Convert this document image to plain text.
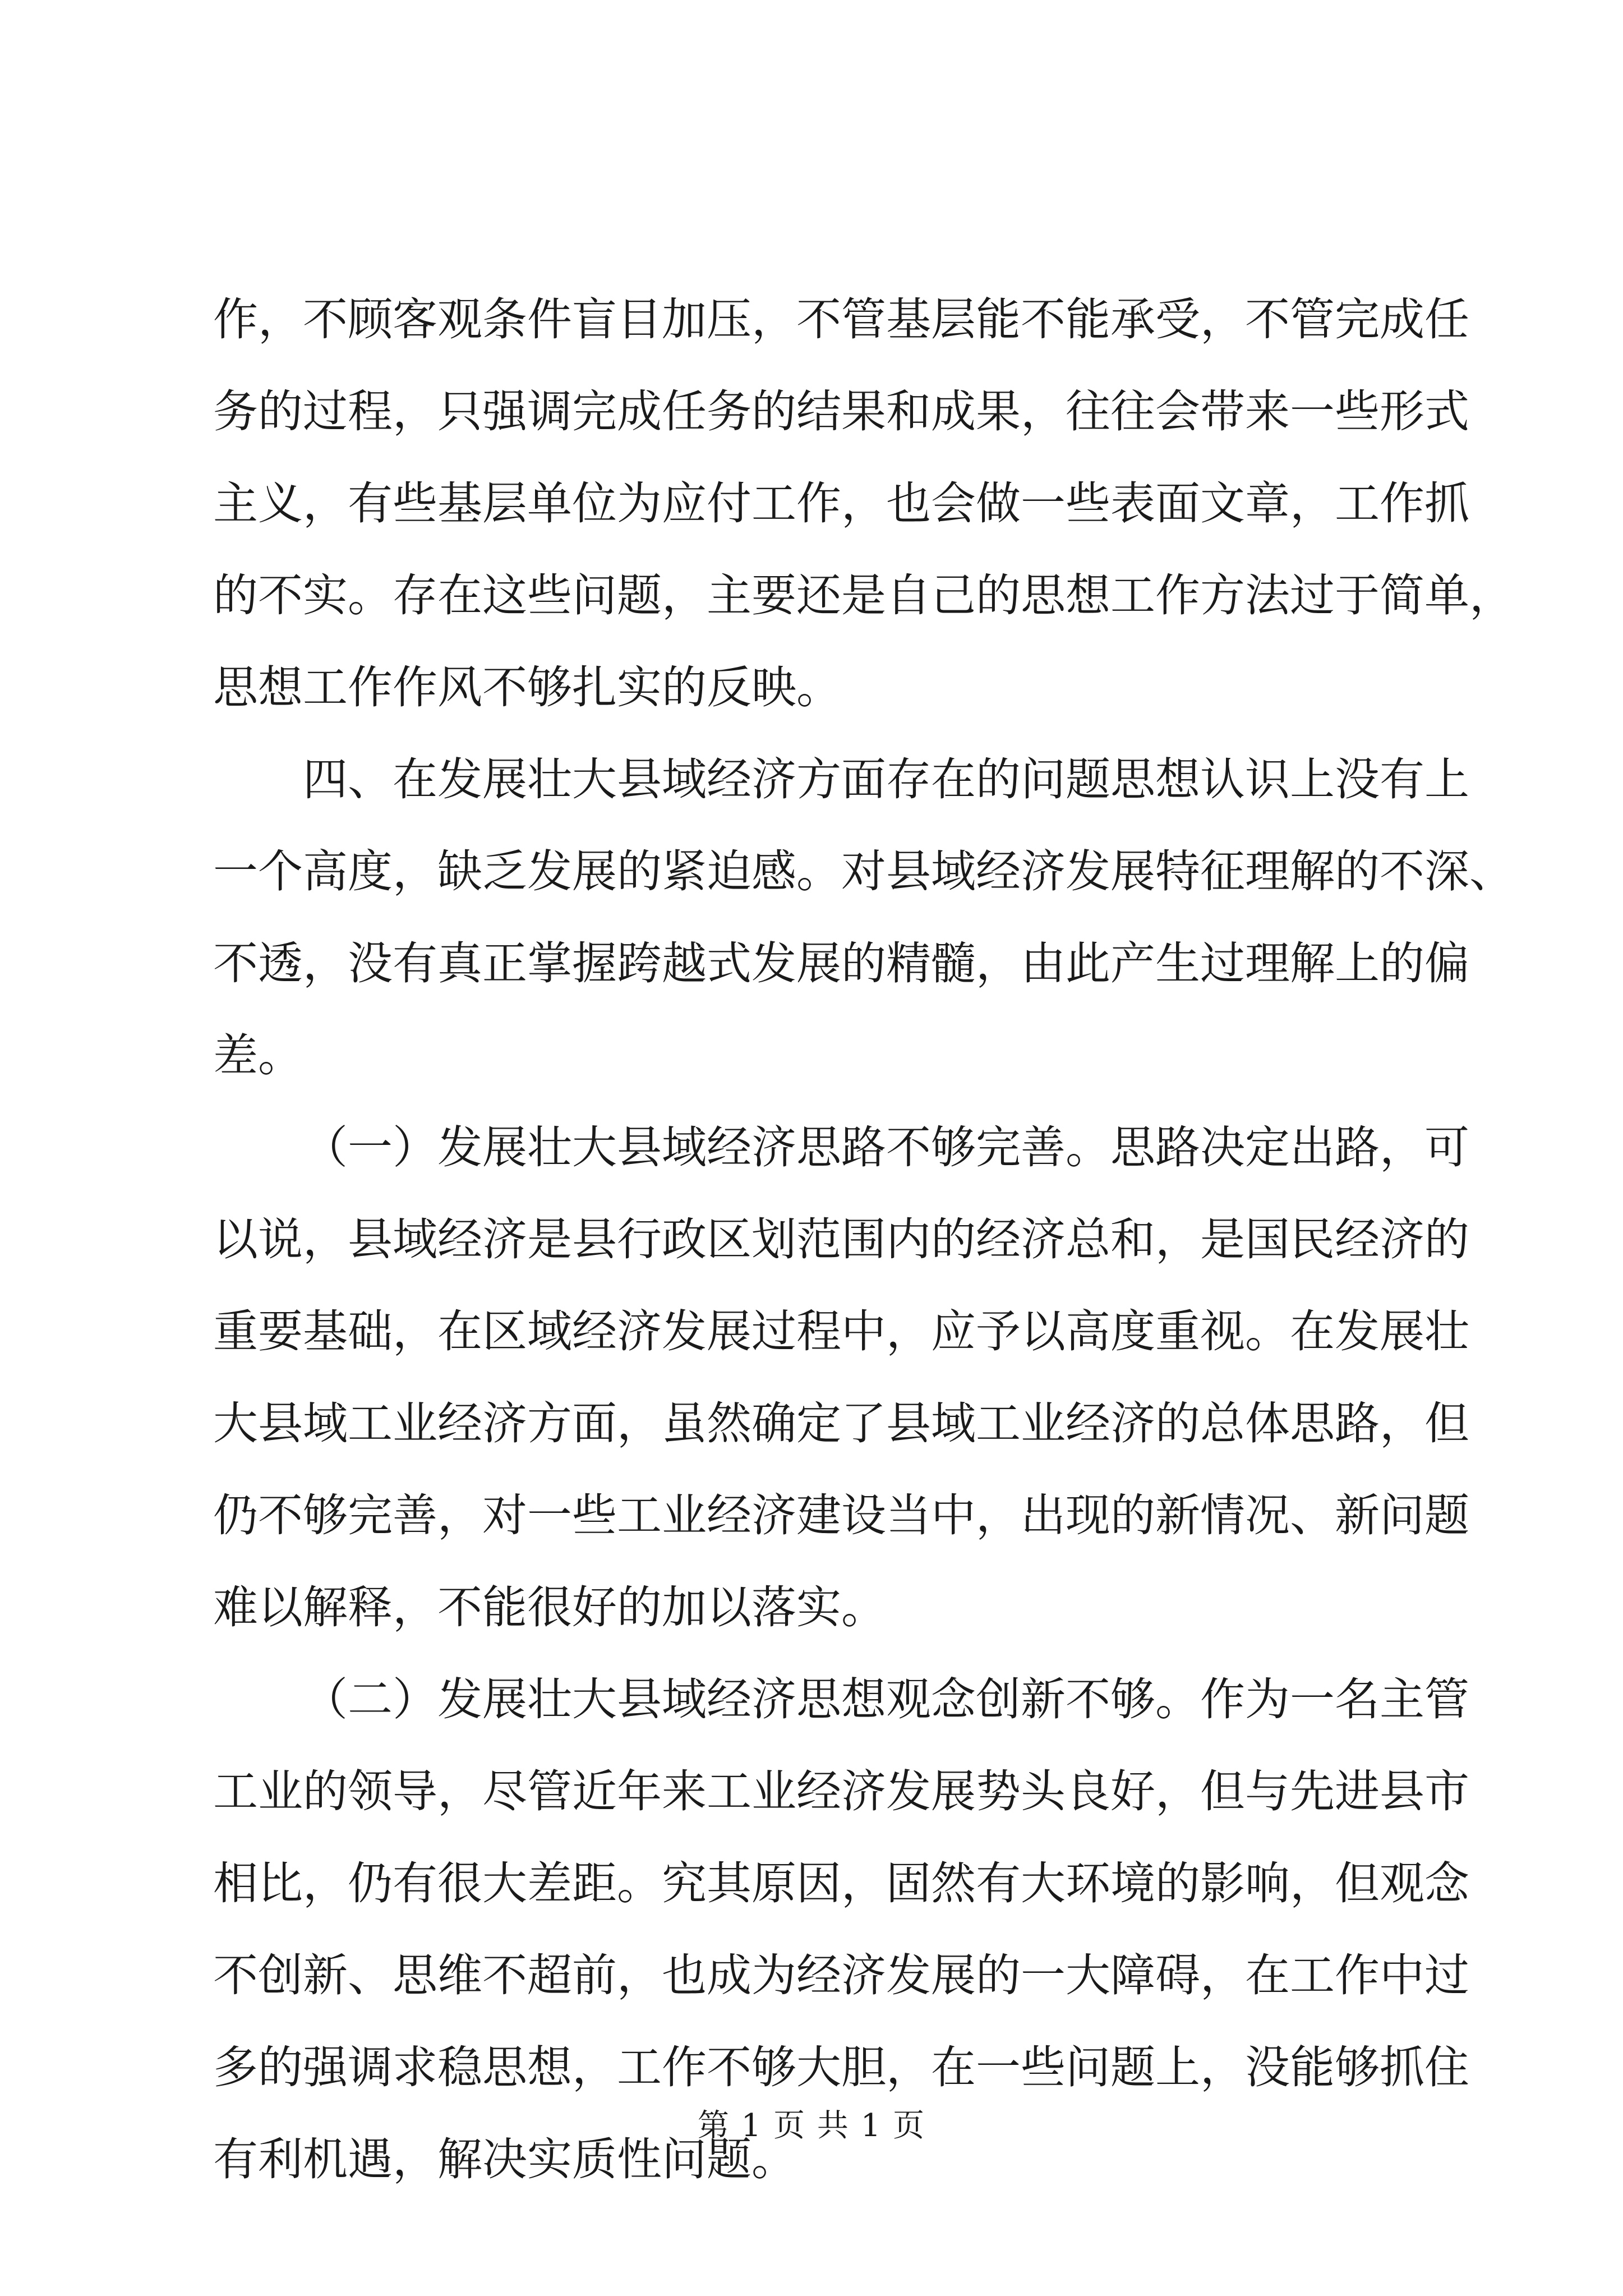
作，不顾客观条件盲目加压，不管基层能不能承受，不管完成任
务的过程，只强调完成任务的结果和成果，往往会带来一些形式
主义，有些基层单位为应付工作，也会做一些表面文章，工作抓
的不实。存在这些问题，主要还是自己的思想工作方法过于简单，
思想工作作风不够扎实的反映。
四、在发展壮大县域经济方面存在的问题思想认识上没有上
一个高度，缺乏发展的紧迫感。对县域经济发展特征理解的不深、
不透，没有真正掌握跨越式发展的精髓，由此产生过理解上的偏
差。
（一）发展壮大县域经济思路不够完善。思路决定出路，可
以说，县域经济是县行政区划范围内的经济总和，是国民经济的
重要基础，在区域经济发展过程中，应予以高度重视。在发展壮
大县域工业经济方面，虽然确定了县域工业经济的总体思路，但
仍不够完善，对一些工业经济建设当中，出现的新情况、新问题
难以解释，不能很好的加以落实。
（二）发展壮大县域经济思想观念创新不够。作为一名主管
工业的领导，尽管近年来工业经济发展势头良好，但与先进县市
相比，仍有很大差距。究其原因，固然有大环境的影响，但观念
不创新、思维不超前，也成为经济发展的一大障碍，在工作中过
多的强调求稳思想，工作不够大胆，在一些问题上，没能够抓住
有利机遇，解决实质性问题。
第 1 页 共 1 页
